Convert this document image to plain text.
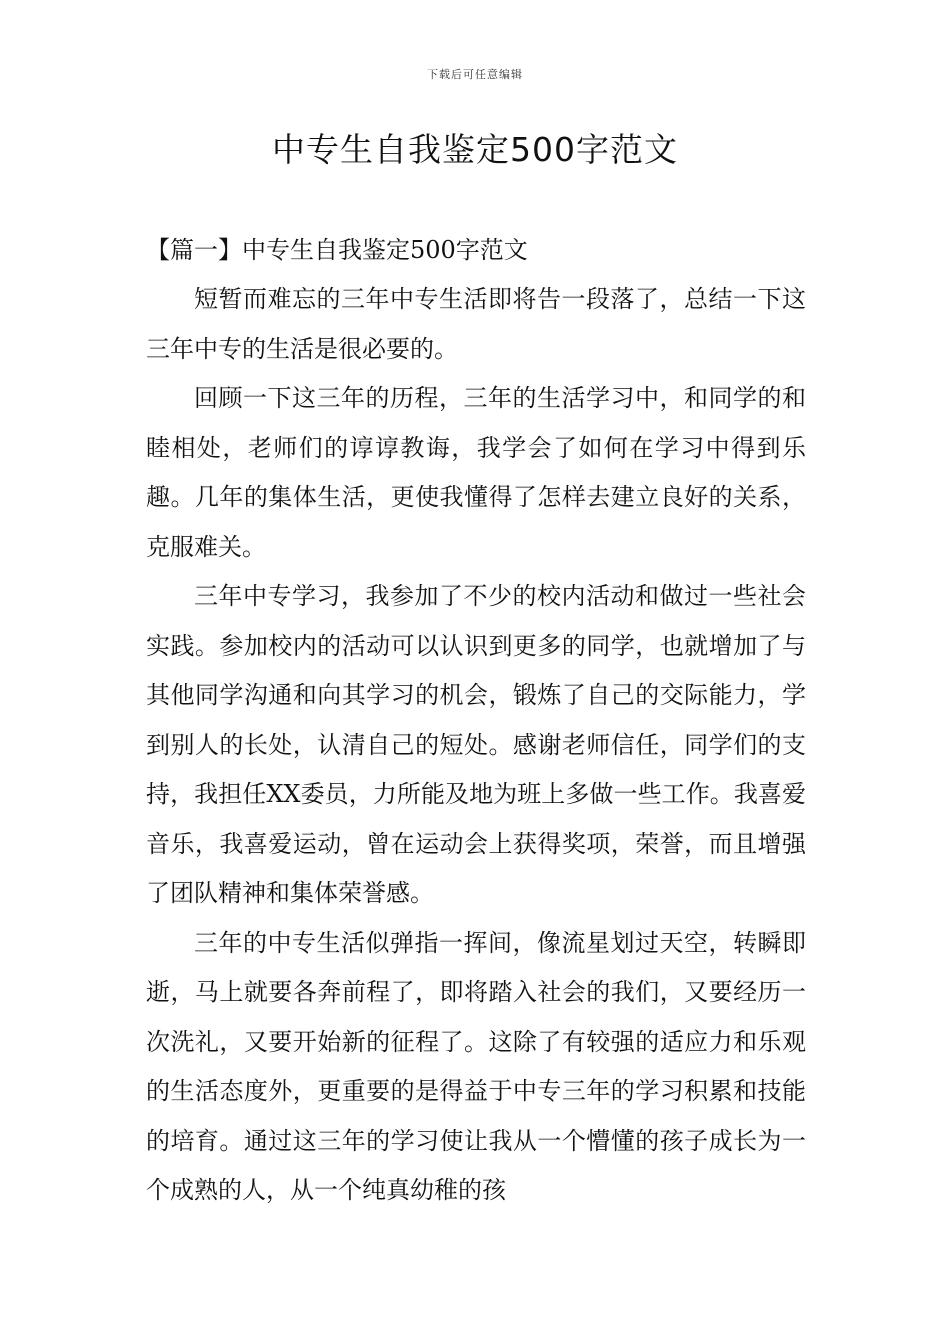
下载后可任意编辑
中专生自我鉴定500字范文

【篇一】中专生自我鉴定500字范文

短暂而难忘的三年中专生活即将告一段落了，总结一下这三年中专的生活是很必要的。

回顾一下这三年的历程，三年的生活学习中，和同学的和睦相处，老师们的谆谆教诲，我学会了如何在学习中得到乐趣。几年的集体生活，更使我懂得了怎样去建立良好的关系，克服难关。

三年中专学习，我参加了不少的校内活动和做过一些社会实践。参加校内的活动可以认识到更多的同学，也就增加了与其他同学沟通和向其学习的机会，锻炼了自己的交际能力，学到别人的长处，认清自己的短处。感谢老师信任，同学们的支持，我担任XX委员，力所能及地为班上多做一些工作。我喜爱音乐，我喜爱运动，曾在运动会上获得奖项，荣誉，而且增强了团队精神和集体荣誉感。

三年的中专生活似弹指一挥间，像流星划过天空，转瞬即逝，马上就要各奔前程了，即将踏入社会的我们，又要经历一次洗礼，又要开始新的征程了。这除了有较强的适应力和乐观的生活态度外，更重要的是得益于中专三年的学习积累和技能的培育。通过这三年的学习使让我从一个懵懂的孩子成长为一个成熟的人，从一个纯真幼稚的孩
